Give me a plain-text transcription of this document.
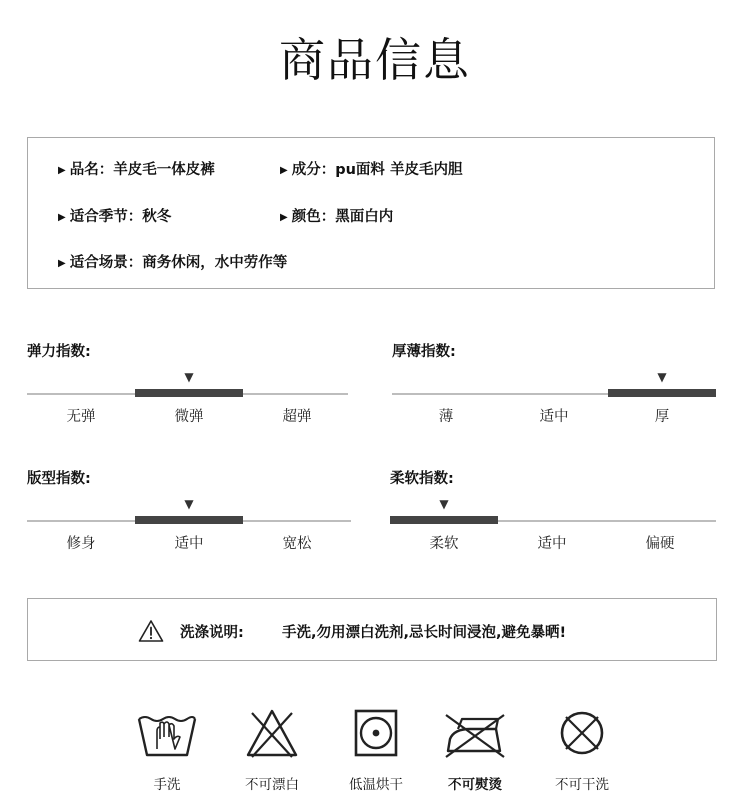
商品信息
▶ 品名：羊皮毛一体皮裤	▶ 成分：pu面料 羊皮毛内胆
▶ 适合季节：秋冬	▶ 颜色：黑面白内
▶ 适合场景：商务休闲，水中劳作等
弹力指数:
▼
无弹	微弹	超弹
厚薄指数:
▼
薄	适中	厚
版型指数:
▼
修身	适中	宽松
柔软指数:
▼
柔软	适中	偏硬
洗涤说明:	手洗,勿用漂白洗剂,忌长时间浸泡,避免暴晒!
手洗	不可漂白	低温烘干	不可熨烫	不可干洗
